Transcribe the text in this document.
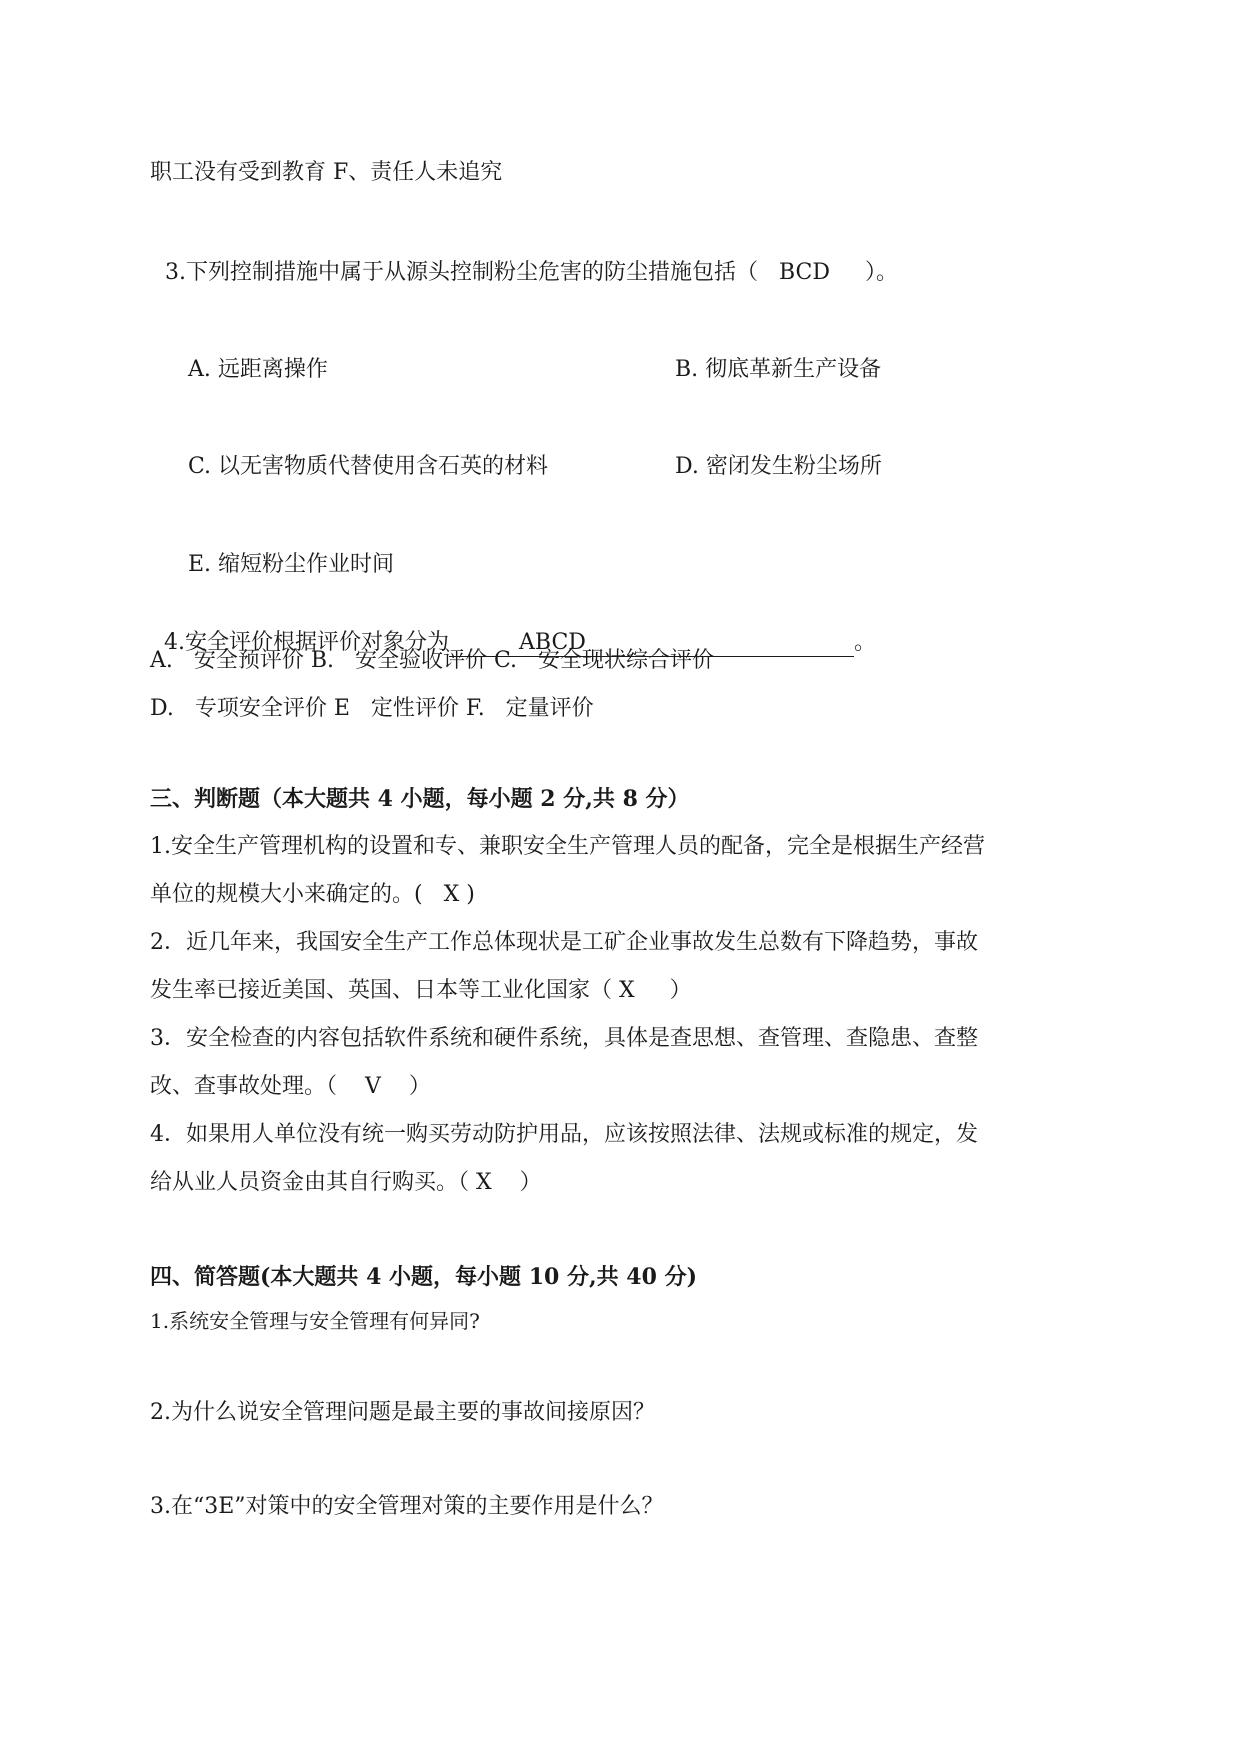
职工没有受到教育 F、责任人未追究
3.下列控制措施中属于从源头控制粉尘危害的防尘措施包括（   BCD     ）。
A. 远距离操作	B. 彻底革新生产设备
C. 以无害物质代替使用含石英的材料	D. 密闭发生粉尘场所
E. 缩短粉尘作业时间

4.安全评价根据评价对象分为	ABCD	。

A.   安全预评价 B.   安全验收评价 C.   安全现状综合评价
D.   专项安全评价 E   定性评价 F.   定量评价
三、判断题（本大题共 4 小题，每小题 2 分,共 8 分）
1.安全生产管理机构的设置和专、兼职安全生产管理人员的配备，完全是根据生产经营
单位的规模大小来确定的。(   X )
2．近几年来，我国安全生产工作总体现状是工矿企业事故发生总数有下降趋势，事故
发生率已接近美国、英国、日本等工业化国家（ X     ）
3．安全检查的内容包括软件系统和硬件系统，具体是查思想、查管理、查隐患、查整
改、查事故处理。（    V    ）
4．如果用人单位没有统一购买劳动防护用品，应该按照法律、法规或标准的规定，发
给从业人员资金由其自行购买。（ X    ）
四、简答题(本大题共 4 小题，每小题 10 分,共 40 分)
1.系统安全管理与安全管理有何异同?
2.为什么说安全管理问题是最主要的事故间接原因？
3.在“3E”对策中的安全管理对策的主要作用是什么？
